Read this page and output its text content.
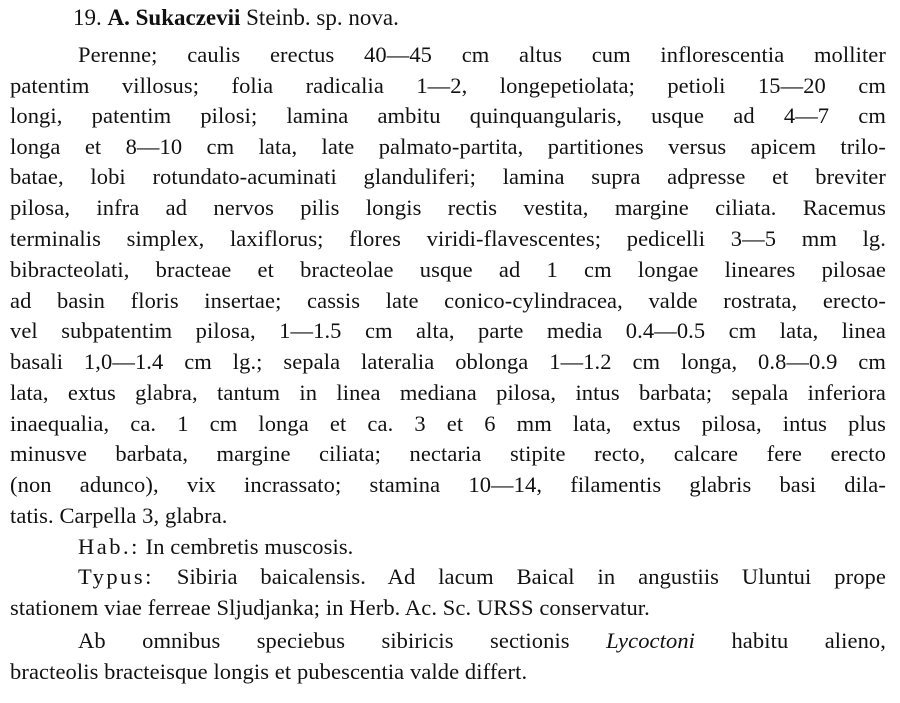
19. A. Sukaczevii Steinb. sp. nova.
Perenne; caulis erectus 40—45 cm altus cum inflorescentia molliter
patentim villosus; folia radicalia 1—2, longepetiolata; petioli 15—20 cm
longi, patentim pilosi; lamina ambitu quinquangularis, usque ad 4—7 cm
longa et 8—10 cm lata, late palmato-partita, partitiones versus apicem trilo-
batae, lobi rotundato-acuminati glanduliferi; lamina supra adpresse et breviter
pilosa, infra ad nervos pilis longis rectis vestita, margine ciliata. Racemus
terminalis simplex, laxiflorus; flores viridi-flavescentes; pedicelli 3—5 mm lg.
bibracteolati, bracteae et bracteolae usque ad 1 cm longae lineares pilosae
ad basin floris insertae; cassis late conico-cylindracea, valde rostrata, erecto-
vel subpatentim pilosa, 1—1.5 cm alta, parte media 0.4—0.5 cm lata, linea
basali 1,0—1.4 cm lg.; sepala lateralia oblonga 1—1.2 cm longa, 0.8—0.9 cm
lata, extus glabra, tantum in linea mediana pilosa, intus barbata; sepala inferiora
inaequalia, ca. 1 cm longa et ca. 3 et 6 mm lata, extus pilosa, intus plus
minusve barbata, margine ciliata; nectaria stipite recto, calcare fere erecto
(non adunco), vix incrassato; stamina 10—14, filamentis glabris basi dila-
tatis. Carpella 3, glabra.
Hab.: In cembretis muscosis.
Typus: Sibiria baicalensis. Ad lacum Baical in angustiis Uluntui prope
stationem viae ferreae Sljudjanka; in Herb. Ac. Sc. URSS conservatur.
Ab omnibus speciebus sibiricis sectionis Lycoctoni habitu alieno,
bracteolis bracteisque longis et pubescentia valde differt.
